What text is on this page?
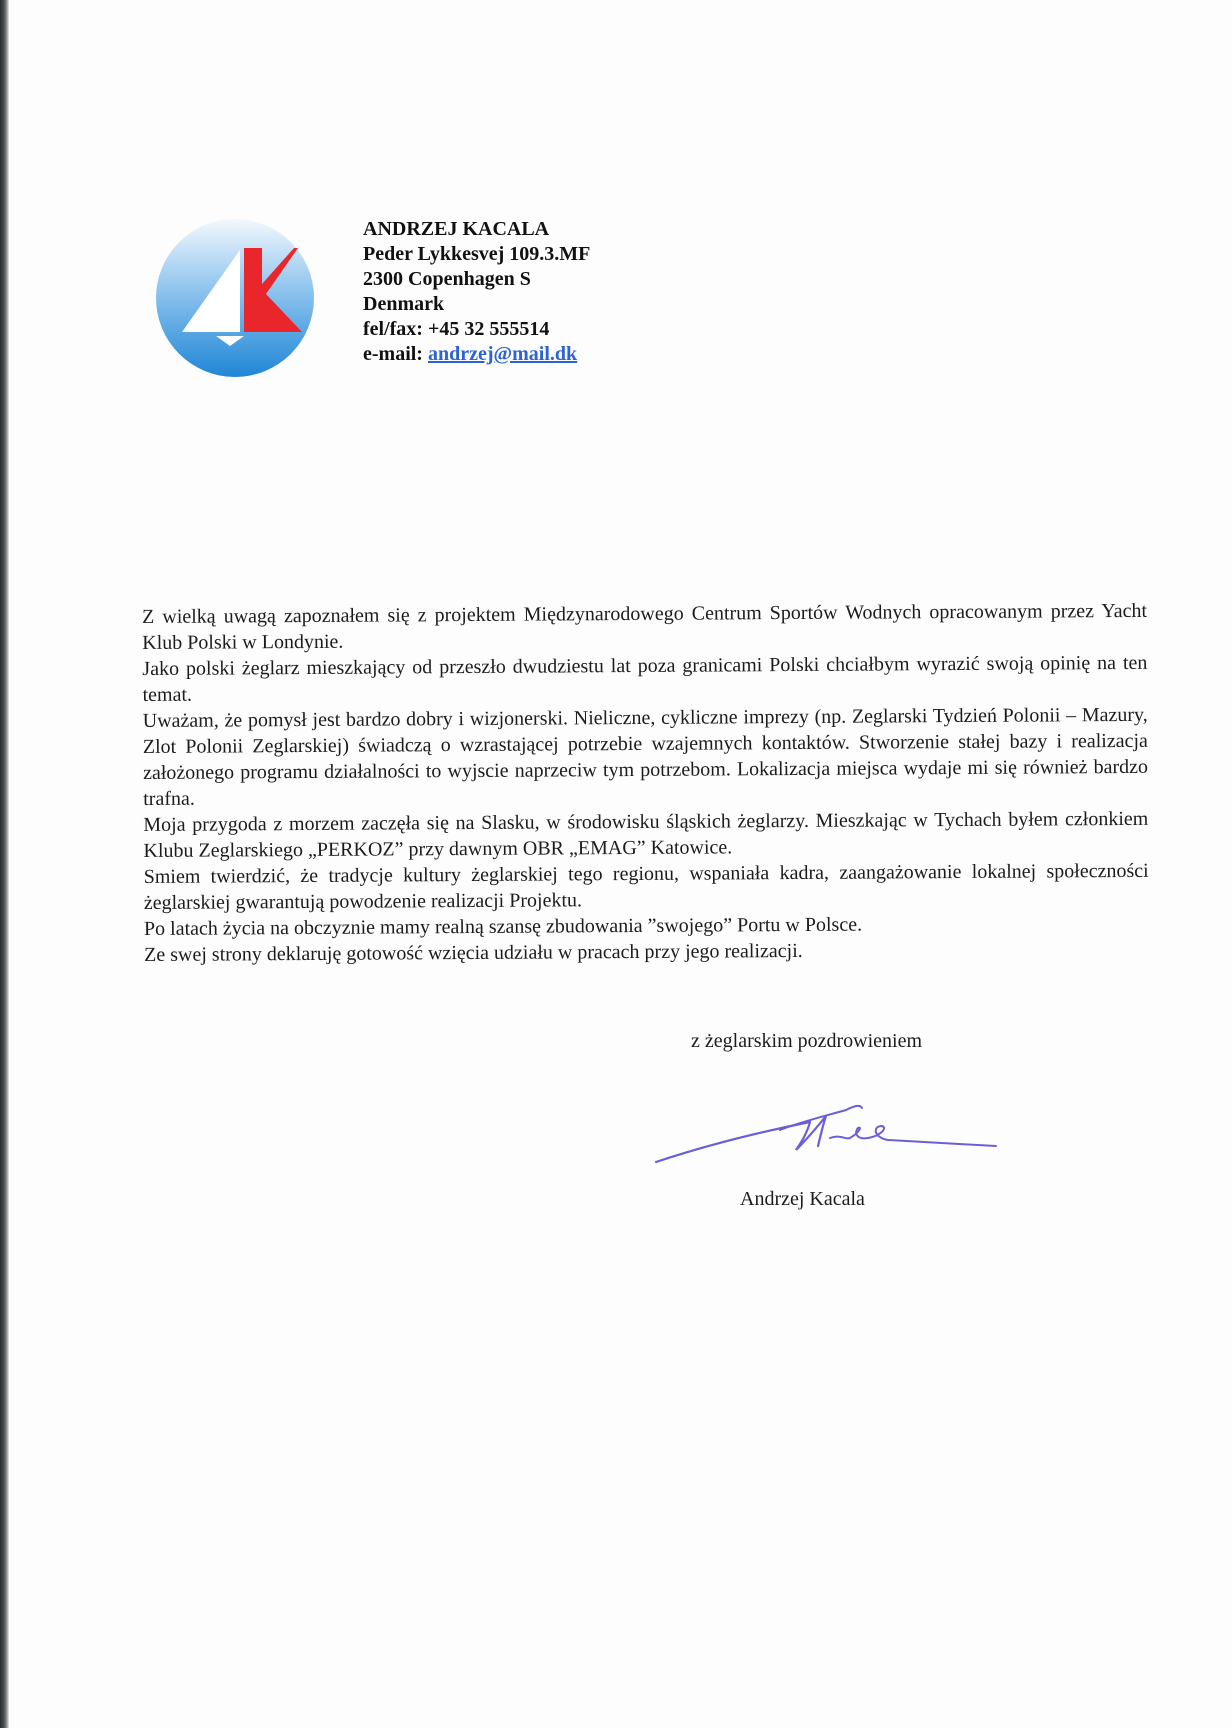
ANDRZEJ KACALA
Peder Lykkesvej 109.3.MF
2300 Copenhagen S
Denmark
fel/fax: +45 32 555514
e-mail: andrzej@mail.dk

Z wielką uwagą zapoznałem się z projektem Międzynarodowego Centrum Sportów Wodnych opracowanym przez Yacht Klub Polski w Londynie.

Jako polski żeglarz mieszkający od przeszło dwudziestu lat poza granicami Polski chciałbym wyrazić swoją opinię na ten temat.

Uważam, że pomysł jest bardzo dobry i wizjonerski. Nieliczne, cykliczne imprezy (np. Zeglarski Tydzień Polonii – Mazury, Zlot Polonii Zeglarskiej) świadczą o wzrastającej potrzebie wzajemnych kontaktów. Stworzenie stałej bazy i realizacja założonego programu działalności to wyjscie naprzeciw tym potrzebom. Lokalizacja miejsca wydaje mi się również bardzo trafna.

Moja przygoda z morzem zaczęła się na Slasku, w środowisku śląskich żeglarzy. Mieszkając w Tychach byłem członkiem Klubu Zeglarskiego „PERKOZ” przy dawnym OBR „EMAG” Katowice.

Smiem twierdzić, że tradycje kultury żeglarskiej tego regionu, wspaniała kadra, zaangażowanie lokalnej społeczności żeglarskiej gwarantują powodzenie realizacji Projektu.

Po latach życia na obczyznie mamy realną szansę zbudowania ”swojego” Portu w Polsce.

Ze swej strony deklaruję gotowość wzięcia udziału w pracach przy jego realizacji.

z żeglarskim pozdrowieniem
Andrzej Kacala
